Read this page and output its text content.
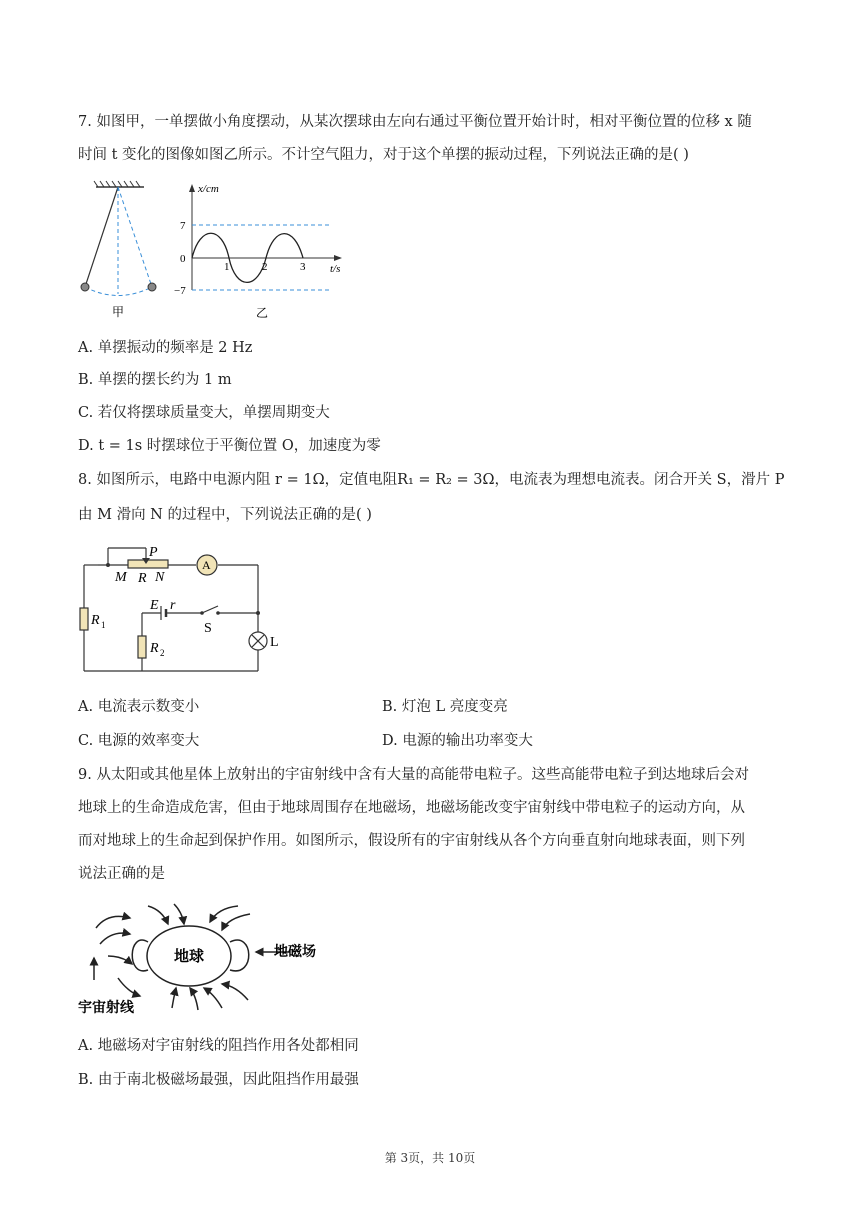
7. 如图甲，一单摆做小角度摆动，从某次摆球由左向右通过平衡位置开始计时，相对平衡位置的位移 x 随
时间 t 变化的图像如图乙所示。不计空气阻力，对于这个单摆的振动过程，下列说法正确的是( )
甲
x/cm
t/s
7
0
−7
1	2	3
乙
A. 单摆振动的频率是 2 Hz
B. 单摆的摆长约为 1 m
C. 若仅将摆球质量变大，单摆周期变大
D. t = 1s 时摆球位于平衡位置 O，加速度为零
8. 如图所示，电路中电源内阻 r = 1Ω，定值电阻R₁ = R₂ = 3Ω，电流表为理想电流表。闭合开关 S，滑片 P
由 M 滑向 N 的过程中，下列说法正确的是( )
P
M R N
A
E r
S
R 1
R 2
L
A. 电流表示数变小	B. 灯泡 L 亮度变亮
C. 电源的效率变大	D. 电源的输出功率变大
9. 从太阳或其他星体上放射出的宇宙射线中含有大量的高能带电粒子。这些高能带电粒子到达地球后会对
地球上的生命造成危害，但由于地球周围存在地磁场，地磁场能改变宇宙射线中带电粒子的运动方向，从
而对地球上的生命起到保护作用。如图所示，假设所有的宇宙射线从各个方向垂直射向地球表面，则下列
说法正确的是
地球	地磁场
宇宙射线
A. 地磁场对宇宙射线的阻挡作用各处都相同
B. 由于南北极磁场最强，因此阻挡作用最强
第 3页，共 10页
